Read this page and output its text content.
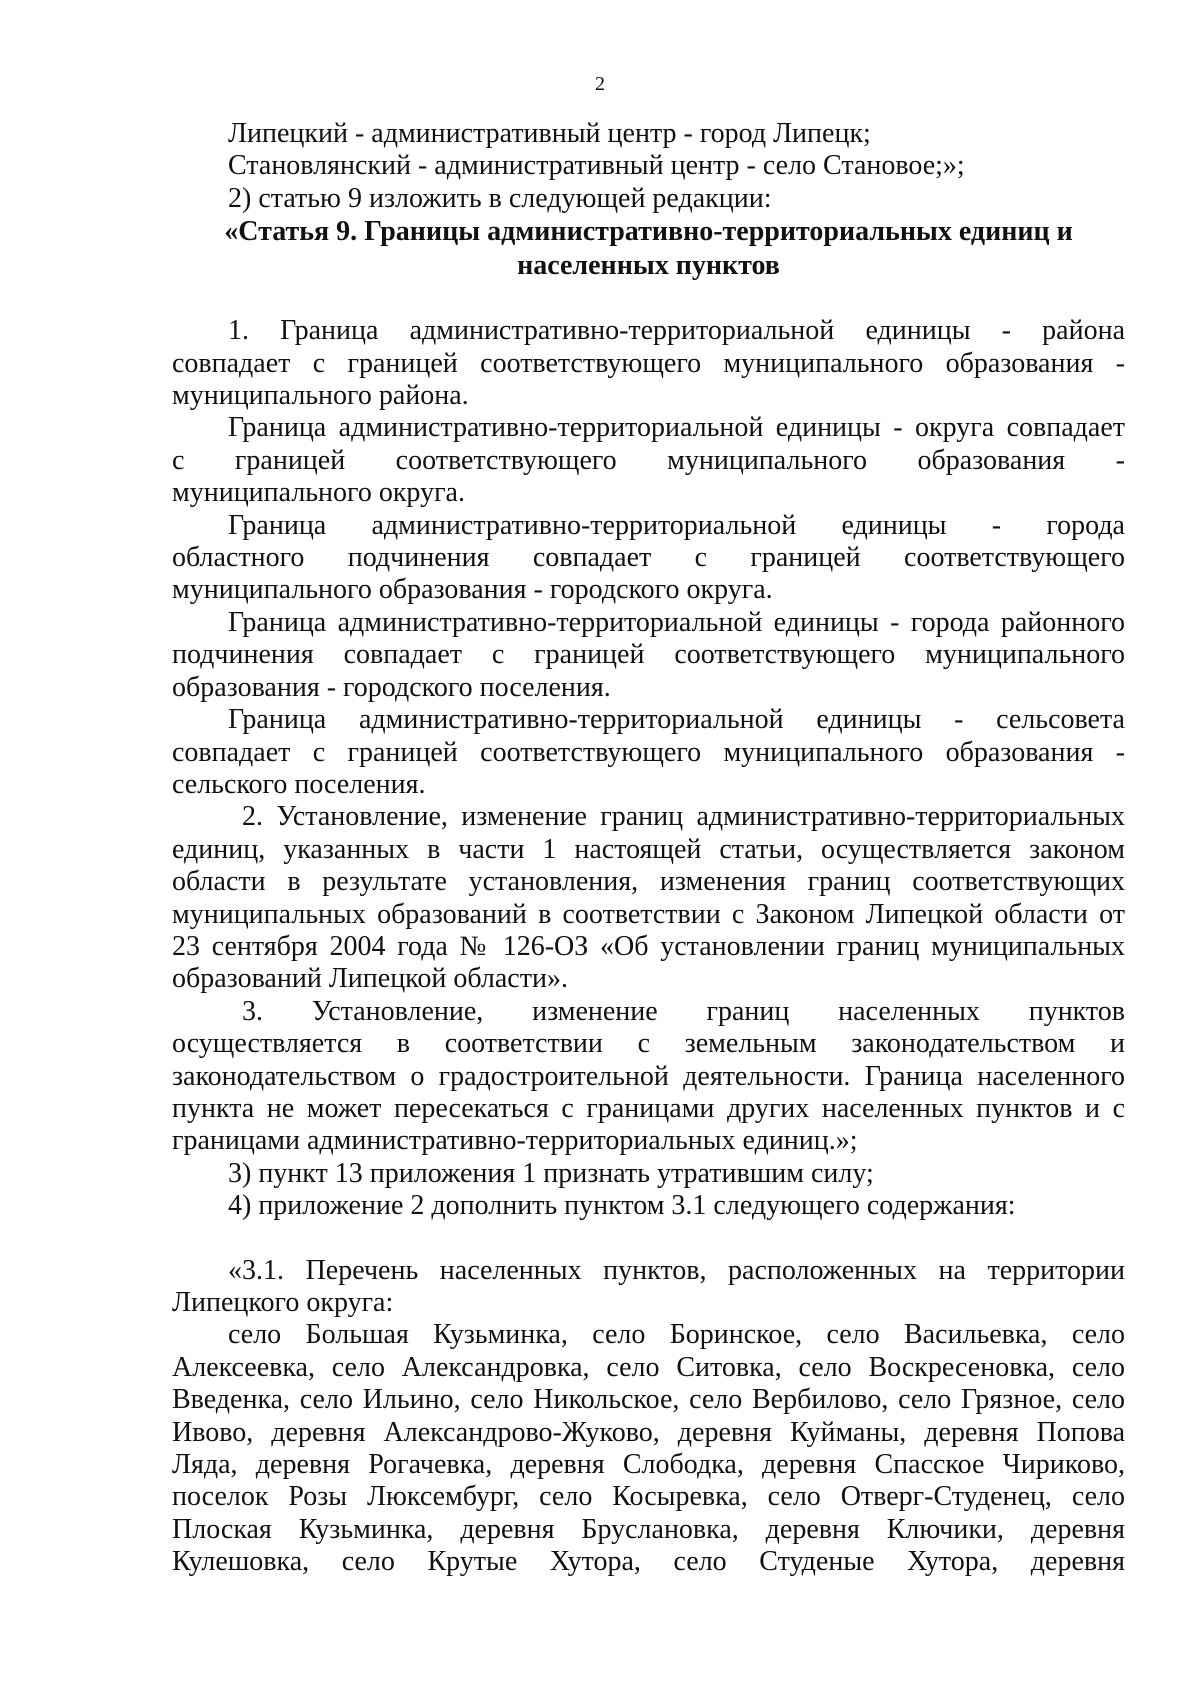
2

Липецкий - административный центр - город Липецк;

Становлянский - административный центр - село Становое;»;

2) статью 9 изложить в следующей редакции:

«Статья 9. Границы административно-территориальных единиц и

населенных пунктов

1. Граница административно-территориальной единицы - района

совпадает с границей соответствующего муниципального образования -

муниципального района.

Граница административно-территориальной единицы - округа совпадает

с границей соответствующего муниципального образования -

муниципального округа.

Граница административно-территориальной единицы - города

областного подчинения совпадает с границей соответствующего

муниципального образования - городского округа.

Граница административно-территориальной единицы - города районного

подчинения совпадает с границей соответствующего муниципального

образования - городского поселения.

Граница административно-территориальной единицы - сельсовета

совпадает с границей соответствующего муниципального образования -

сельского поселения.

2. Установление, изменение границ административно-территориальных

единиц, указанных в части 1 настоящей статьи, осуществляется законом

области в результате установления, изменения границ соответствующих

муниципальных образований в соответствии с Законом Липецкой области от

23 сентября 2004 года № 126-ОЗ «Об установлении границ муниципальных

образований Липецкой области».

3. Установление, изменение границ населенных пунктов

осуществляется в соответствии с земельным законодательством и

законодательством о градостроительной деятельности. Граница населенного

пункта не может пересекаться с границами других населенных пунктов и с

границами административно-территориальных единиц.»;

3) пункт 13 приложения 1 признать утратившим силу;

4) приложение 2 дополнить пунктом 3.1 следующего содержания:

«3.1. Перечень населенных пунктов, расположенных на территории

Липецкого округа:

село Большая Кузьминка, село Боринское, село Васильевка, село

Алексеевка, село Александровка, село Ситовка, село Воскресеновка, село

Введенка, село Ильино, село Никольское, село Вербилово, село Грязное, село

Ивово, деревня Александрово-Жуково, деревня Куйманы, деревня Попова

Ляда, деревня Рогачевка, деревня Слободка, деревня Спасское Чириково,

поселок Розы Люксембург, село Косыревка, село Отверг-Студенец, село

Плоская Кузьминка, деревня Бруслановка, деревня Ключики, деревня

Кулешовка, село Крутые Хутора, село Студеные Хутора, деревня
